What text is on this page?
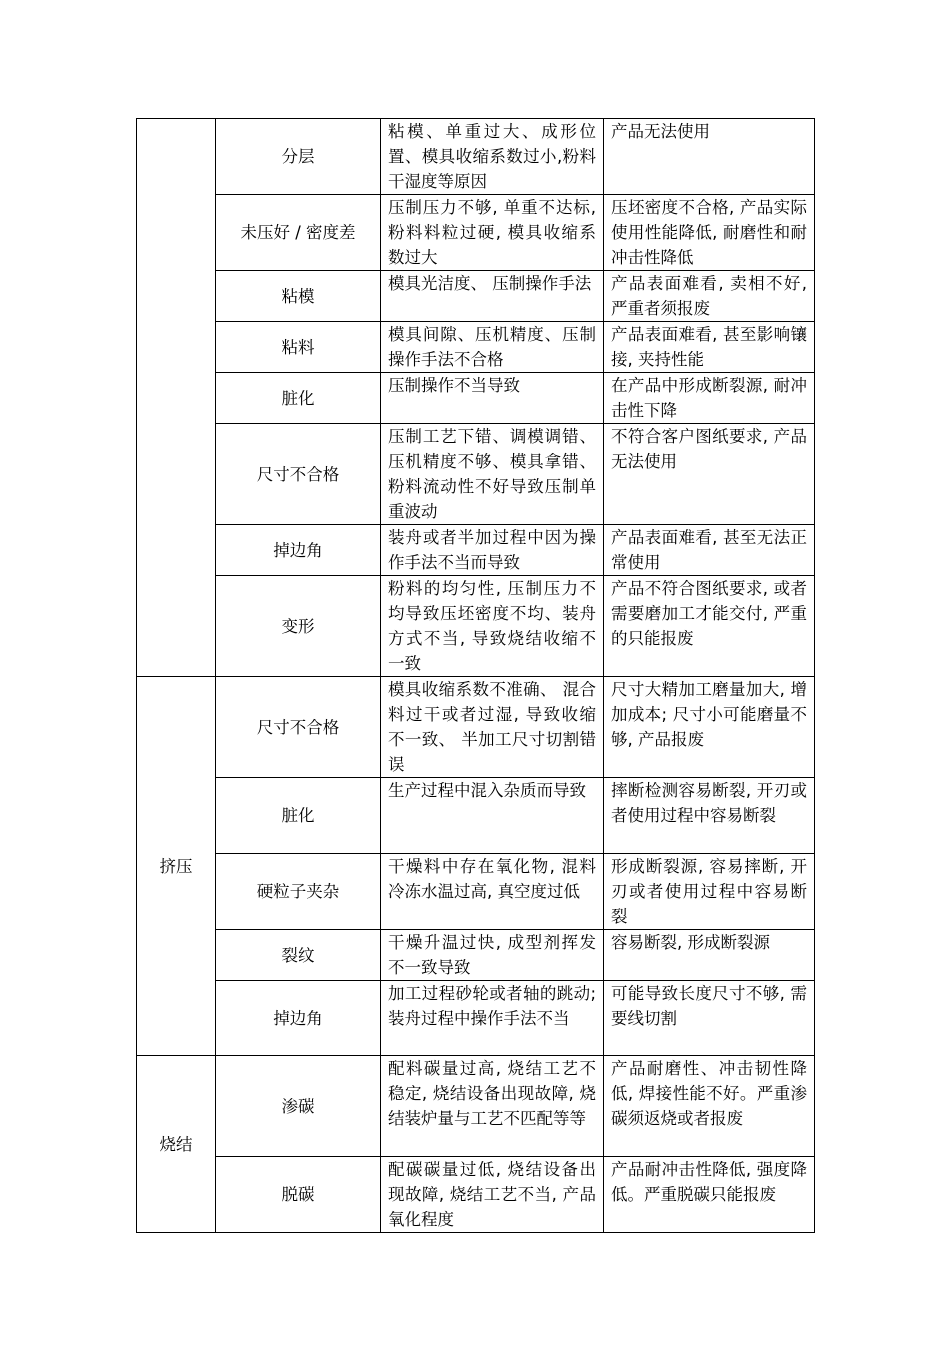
	分层	粘模、单重过大、成形位置、模具收缩系数过小,粉料干湿度等原因	产品无法使用
	未压好 / 密度差	压制压力不够, 单重不达标, 粉料料粒过硬, 模具收缩系数过大	压坯密度不合格, 产品实际使用性能降低, 耐磨性和耐冲击性降低
	粘模	模具光洁度、 压制操作手法	产品表面难看, 卖相不好, 严重者须报废
	粘料	模具间隙、压机精度、压制操作手法不合格	产品表面难看, 甚至影响镶接, 夹持性能
	脏化	压制操作不当导致	在产品中形成断裂源, 耐冲击性下降
	尺寸不合格	压制工艺下错、调模调错、压机精度不够、模具拿错、粉料流动性不好导致压制单重波动	不符合客户图纸要求, 产品无法使用
	掉边角	装舟或者半加过程中因为操作手法不当而导致	产品表面难看, 甚至无法正常使用
	变形	粉料的均匀性, 压制压力不均导致压坯密度不均、装舟方式不当, 导致烧结收缩不一致	产品不符合图纸要求, 或者需要磨加工才能交付, 严重的只能报废
挤压	尺寸不合格	模具收缩系数不准确、 混合料过干或者过湿, 导致收缩不一致、 半加工尺寸切割错误	尺寸大精加工磨量加大, 增加成本; 尺寸小可能磨量不够, 产品报废
	脏化	生产过程中混入杂质而导致	摔断检测容易断裂, 开刃或者使用过程中容易断裂
	硬粒子夹杂	干燥料中存在氧化物, 混料冷冻水温过高, 真空度过低	形成断裂源, 容易摔断, 开刃或者使用过程中容易断裂
	裂纹	干燥升温过快, 成型剂挥发不一致导致	容易断裂, 形成断裂源
	掉边角	加工过程砂轮或者轴的跳动; 装舟过程中操作手法不当	可能导致长度尺寸不够, 需要线切割
烧结	渗碳	配料碳量过高, 烧结工艺不稳定, 烧结设备出现故障, 烧结装炉量与工艺不匹配等等	产品耐磨性、冲击韧性降低, 焊接性能不好。严重渗碳须返烧或者报废
	脱碳	配碳碳量过低, 烧结设备出现故障, 烧结工艺不当, 产品氧化程度	产品耐冲击性降低, 强度降低。严重脱碳只能报废
